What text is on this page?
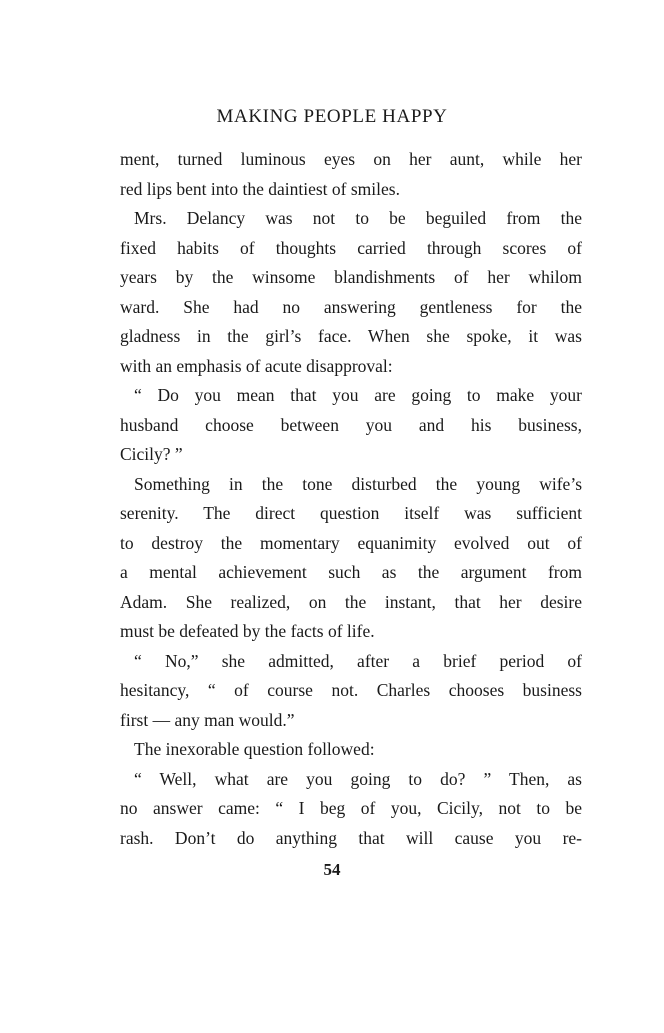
MAKING PEOPLE HAPPY
ment, turned luminous eyes on her aunt, while her
red lips bent into the daintiest of smiles.
Mrs. Delancy was not to be beguiled from the
fixed habits of thoughts carried through scores of
years by the winsome blandishments of her whilom
ward. She had no answering gentleness for the
gladness in the girl’s face. When she spoke, it was
with an emphasis of acute disapproval:
“ Do you mean that you are going to make your
husband choose between you and his business,
Cicily? ”
Something in the tone disturbed the young wife’s
serenity. The direct question itself was sufficient
to destroy the momentary equanimity evolved out of
a mental achievement such as the argument from
Adam. She realized, on the instant, that her desire
must be defeated by the facts of life.
“ No,” she admitted, after a brief period of
hesitancy, “ of course not. Charles chooses business
first — any man would.”
The inexorable question followed:
“ Well, what are you going to do? ” Then, as
no answer came: “ I beg of you, Cicily, not to be
rash. Don’t do anything that will cause you re-
54
